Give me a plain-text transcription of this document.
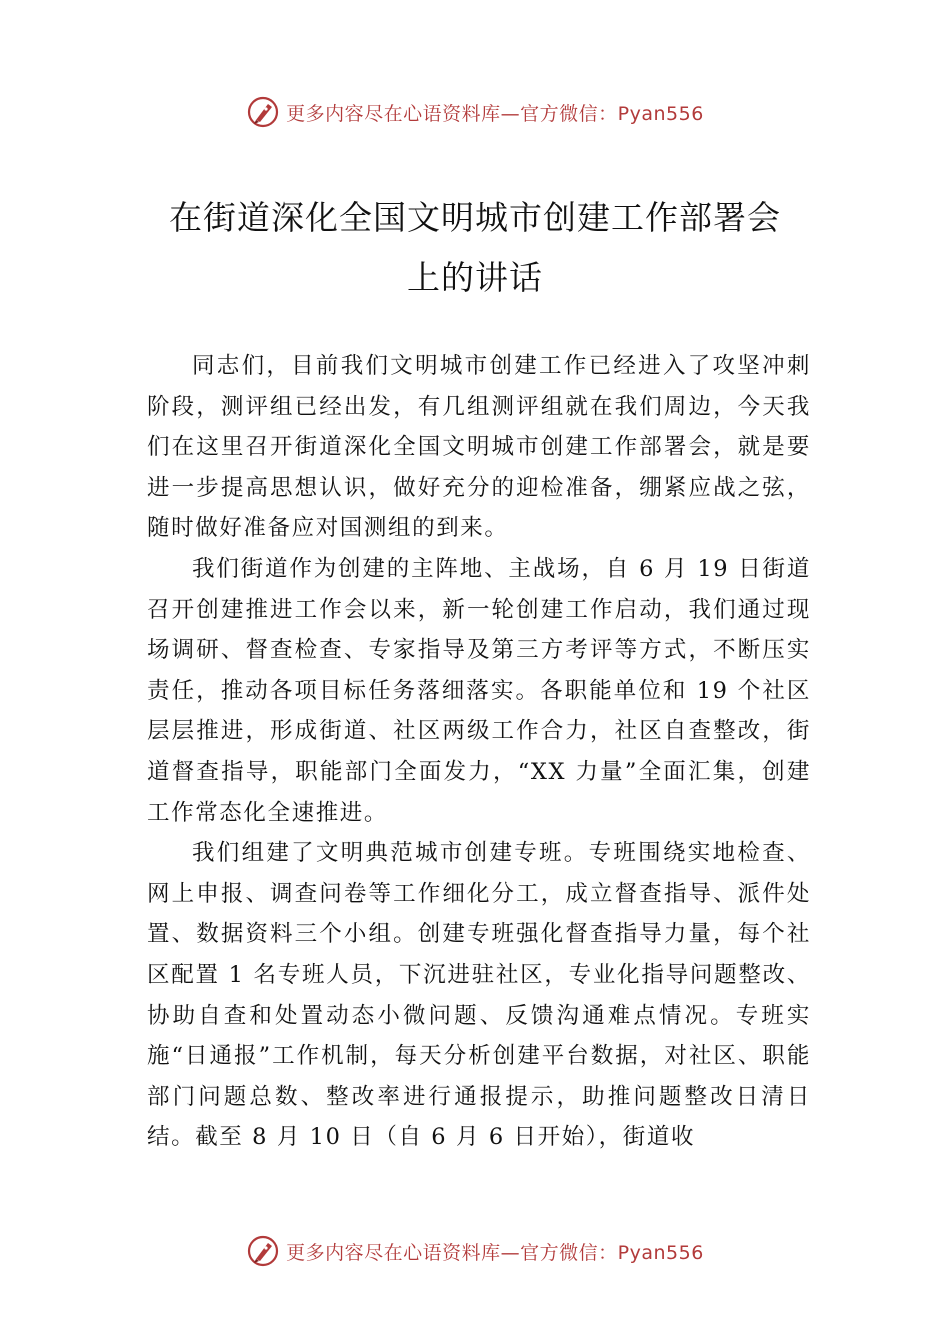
更多内容尽在心语资料库—官方微信：Pyan556
在街道深化全国文明城市创建工作部署会
上的讲话

同志们，目前我们文明城市创建工作已经进入了攻坚冲刺阶段，测评组已经出发，有几组测评组就在我们周边，今天我们在这里召开街道深化全国文明城市创建工作部署会，就是要进一步提高思想认识，做好充分的迎检准备，绷紧应战之弦，随时做好准备应对国测组的到来。

我们街道作为创建的主阵地、主战场，自 6 月 19 日街道召开创建推进工作会以来，新一轮创建工作启动，我们通过现场调研、督查检查、专家指导及第三方考评等方式，不断压实责任，推动各项目标任务落细落实。各职能单位和 19 个社区层层推进，形成街道、社区两级工作合力，社区自查整改，街道督查指导，职能部门全面发力，“XX 力量”全面汇集，创建工作常态化全速推进。

我们组建了文明典范城市创建专班。专班围绕实地检查、网上申报、调查问卷等工作细化分工，成立督查指导、派件处置、数据资料三个小组。创建专班强化督查指导力量，每个社区配置 1 名专班人员，下沉进驻社区，专业化指导问题整改、协助自查和处置动态小微问题、反馈沟通难点情况。专班实施“日通报”工作机制，每天分析创建平台数据，对社区、职能部门问题总数、整改率进行通报提示，助推问题整改日清日结。截至 8 月 10 日（自 6 月 6 日开始），街道收

更多内容尽在心语资料库—官方微信：Pyan556
